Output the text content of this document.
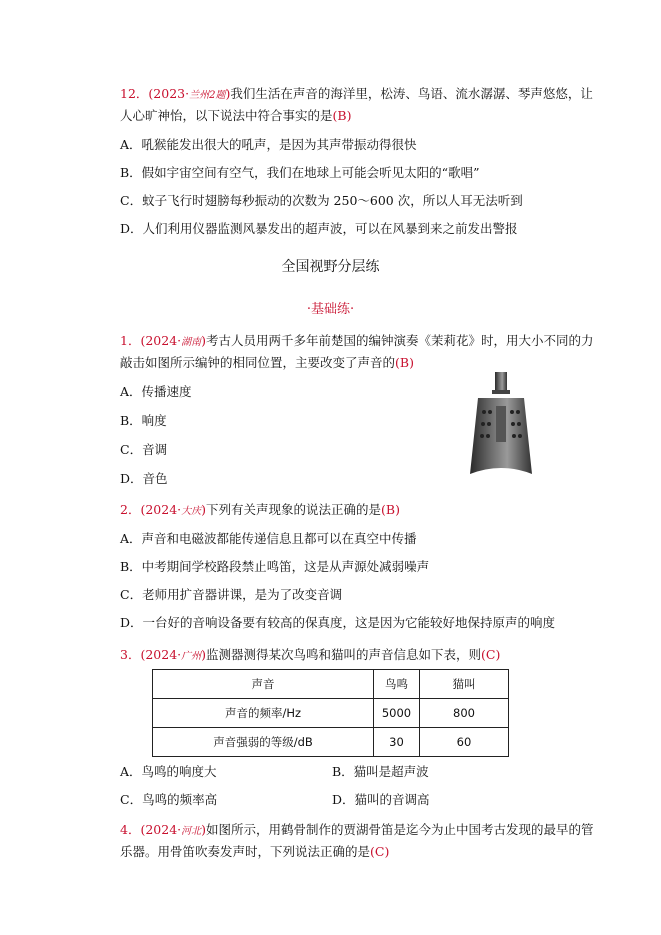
12．(2023·兰州2题)我们生活在声音的海洋里，松涛、鸟语、流水潺潺、琴声悠悠，让
人心旷神怡，以下说法中符合事实的是(B)
A．吼猴能发出很大的吼声，是因为其声带振动得很快
B．假如宇宙空间有空气，我们在地球上可能会听见太阳的“歌唱”
C．蚊子飞行时翅膀每秒振动的次数为 250～600 次，所以人耳无法听到
D．人们利用仪器监测风暴发出的超声波，可以在风暴到来之前发出警报
全国视野分层练
·基础练·
1．(2024·湖南)考古人员用两千多年前楚国的编钟演奏《茉莉花》时，用大小不同的力
敲击如图所示编钟的相同位置，主要改变了声音的(B)
A．传播速度
B．响度
C．音调
D．音色
2．(2024·大庆)下列有关声现象的说法正确的是(B)
A．声音和电磁波都能传递信息且都可以在真空中传播
B．中考期间学校路段禁止鸣笛，这是从声源处减弱噪声
C．老师用扩音器讲课，是为了改变音调
D．一台好的音响设备要有较高的保真度，这是因为它能较好地保持原声的响度
3．(2024·广州)监测器测得某次鸟鸣和猫叫的声音信息如下表，则(C)
声音	鸟鸣	猫叫
声音的频率/Hz	5000	800
声音强弱的等级/dB	30	60
A．鸟鸣的响度大	B．猫叫是超声波
C．鸟鸣的频率高	D．猫叫的音调高
4．(2024·河北)如图所示，用鹤骨制作的贾湖骨笛是迄今为止中国考古发现的最早的管
乐器。用骨笛吹奏发声时，下列说法正确的是(C)
